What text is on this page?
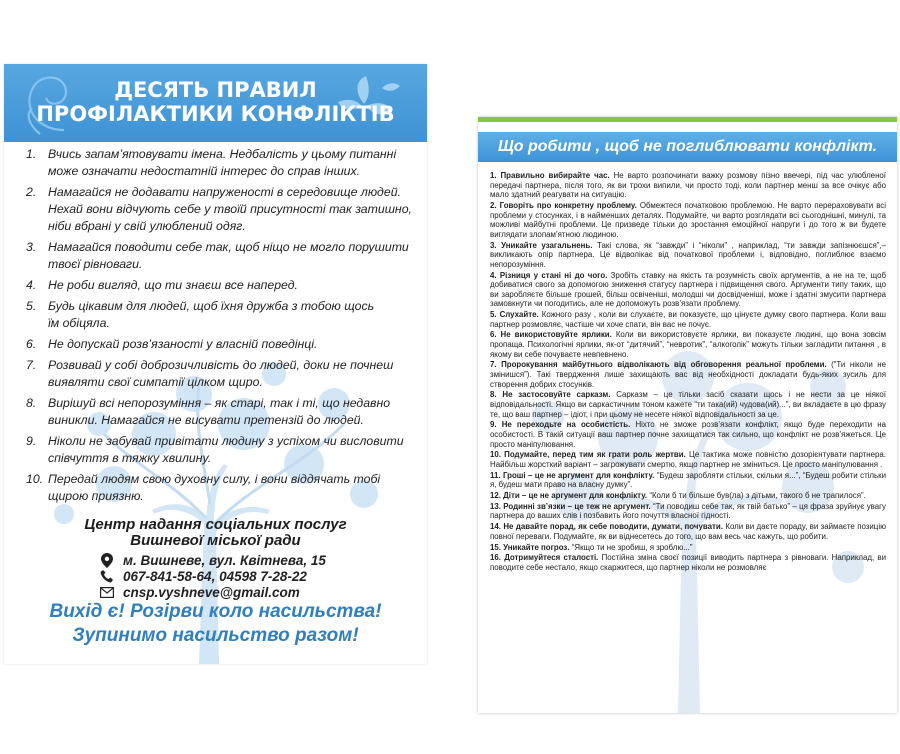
ДЕСЯТЬ ПРАВИЛ
ПРОФІЛАКТИКИ КОНФЛІКТІВ
1. Вчись запам’ятовувати імена. Недбалість у цьому питанні
може означати недостатній інтерес до справ інших.
2. Намагайся не додавати напруженості в середовище людей.
Нехай вони відчують себе у твоїй присутності так затишно,
ніби вбрані у свій улюблений одяг.
3. Намагайся поводити себе так, щоб ніщо не могло порушити
твоєї рівноваги.
4. Не роби вигляд, що ти знаєш все наперед.
5. Будь цікавим для людей, щоб їхня дружба з тобою щось
їм обіцяла.
6. Не допускай розв’язаності у власній поведінці.
7. Розвивай у собі доброзичливість до людей, доки не почнеш
виявляти свої симпатії цілком щиро.
8. Вирішуй всі непорозуміння – як старі, так і ті, що недавно
виникли. Намагайся не висувати претензій до людей.
9. Ніколи не забувай привітати людину з успіхом чи висловити
співчуття в тяжку хвилину.
10. Передай людям свою духовну силу, і вони віддячать тобі
щирою приязню.
Центр надання соціальних послуг
Вишневої міської ради
м. Вишневе, вул. Квітнева, 15
067-841-58-64, 04598 7-28-22
cnsp.vyshneve@gmail.com
Вихід є! Розірви коло насильства!
Зупинимо насильство разом!
Що робити , щоб не поглиблювати конфлікт.
1. Правильно вибирайте час. Не варто розпочинати важку розмову пізно ввечері, під час улюбленої передачі партнера, після того, як ви трохи випили, чи просто тоді, коли партнер менш за все очікує або мало здатний реагувати на ситуацію.
2. Говоріть про конкретну проблему. Обмежтеся початковою проблемою. Не варто перераховувати всі проблеми у стосунках, і в найменших деталях. Подумайте, чи варто розглядати всі сьогоднішні, минулі, та можливі майбутні проблеми. Це призведе тільки до зростання емоційної напруги і до того ж ви будете виглядати злопам’ятною людиною.
3. Уникайте узагальнень. Такі слова, як “завжди” і “ніколи” , наприклад, “ти завжди запізнюєшся”,– викликають опір партнера. Це відволікає від початкової проблеми і, відповідно, поглиблює взаємо непорозуміння.
4. Різниця у стані ні до чого. Зробіть ставку на якість та розумність своїх аргументів, а не на те, щоб добиватися свого за допомогою зниження статусу партнера і підвищення свого. Аргументи типу таких, що ви заробляєте більше грошей, більш освіченіші, молодші чи досвідченіші, може і здатні змусити партнера замовкнути чи погодитись, але не допоможуть розв’язати проблему.
5. Слухайте. Кожного разу , коли ви слухаєте, ви показуєте, що цінуєте думку свого партнера. Коли ваш партнер розмовляє, частіше чи хоче спати, він вас не почує.
6. Не використовуйте ярлики. Коли ви використовуєте ярлики, ви показуєте людині, що вона зовсім пропаща. Психологічні ярлики, як-от “дитячий”, “невротик”, “алкоголік” можуть тільки загладити питання , в якому ви себе почуваєте невпевнено.
7. Пророкування майбутнього відволікають від обговорення реальної проблеми. (“Ти ніколи не змінишся”). Такі твердження лише захищають вас від необхідності докладати будь-яких зусиль для створення добрих стосунків.
8. Не застосовуйте сарказм. Сарказм – це тільки засіб сказати щось і не нести за це ніякої відповідальності. Якщо ви саркастичним тоном кажете “ти така(ий) чудова(ий)...”, ви вкладаєте в цю фразу те, що ваш партнер – ідіот, і при цьому не несете ніякої відповідальності за це.
9. Не переходьте на особистість. Ніхто не зможе розв’язати конфлікт, якщо буде переходити на особистості. В такій ситуації ваш партнер почне захищатися так сильно, що конфлікт не розв’яжеться. Це просто маніпулювання.
10. Подумайте, перед тим як грати роль жертви. Це тактика може повністю дозорієнтувати партнера. Найбільш жорсткий варіант – загрожувати смертю, якщо партнер не зміниться. Це просто маніпулювання .
11. Гроші – це не аргумент для конфлікту. “Будеш заробляти стільки, скільки я...”, “Будеш робити стільки я, будеш мати право на власну думку”.
12. Діти – це не аргумент для конфлікту. “Коли б ти більше був(ла) з дітьми, такого б не трапилося”.
13. Родинні зв’язки – це теж не аргумент. “Ти поводиш себе так, як твій батько” – ця фраза зруйнує увагу партнера до ваших слів і позбавить його почуття власної гідності.
14. Не давайте порад, як себе поводити, думати, почувати. Коли ви даєте пораду, ви займаєте позицію повної переваги. Подумайте, як ви віднесетесь до того, що вам весь час кажуть, що робити.
15. Уникайте погроз. “Якщо ти не зробиш, я зроблю...”
16. Дотримуйтеся сталості. Постійна зміна своєї позиції виводить партнера з рівноваги. Наприклад, ви поводите себе нестало, якщо скаржитеся, що партнер ніколи не розмовляє
